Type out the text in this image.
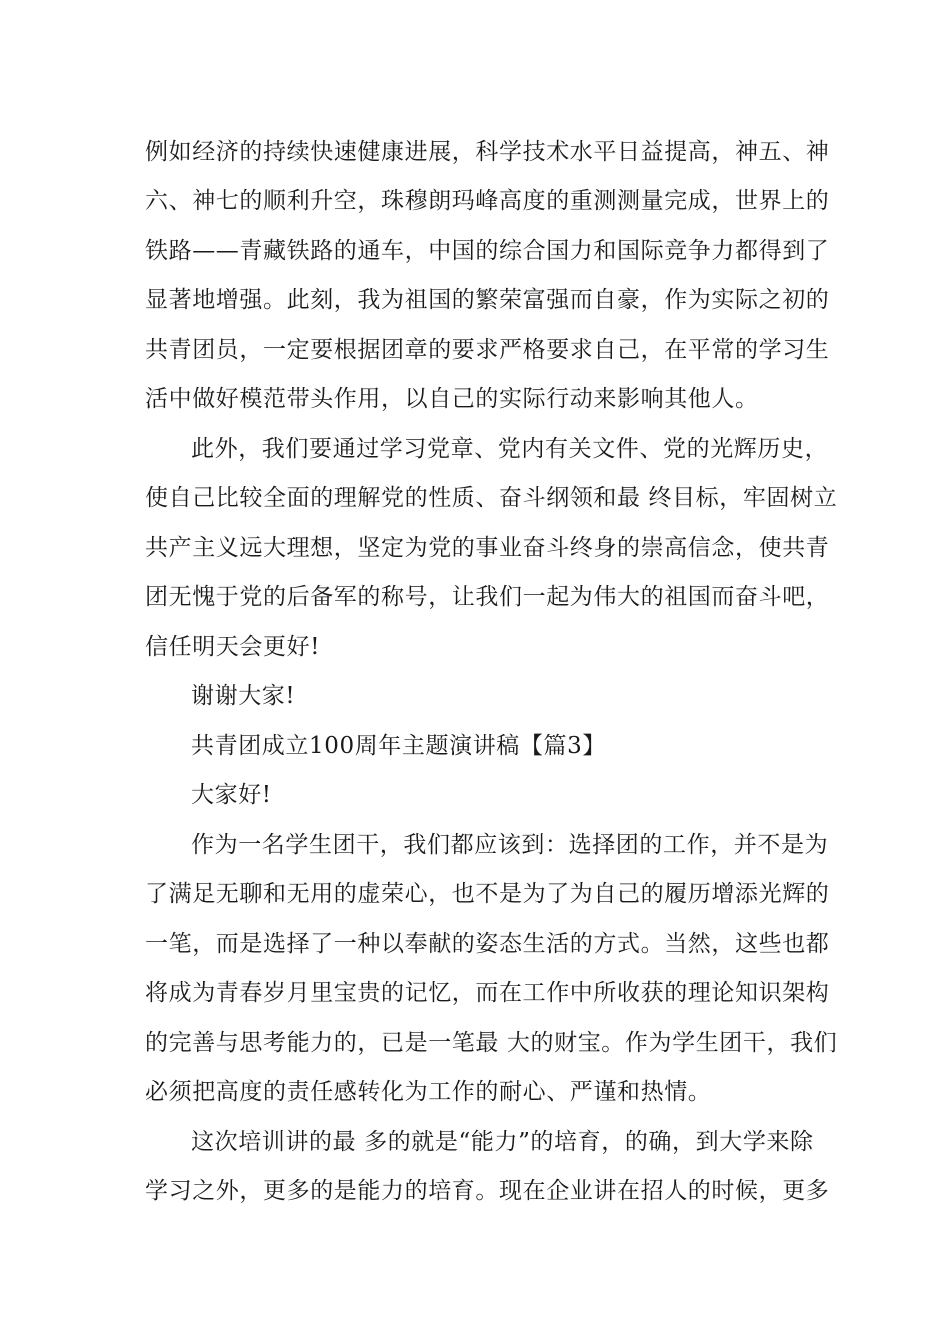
例如经济的持续快速健康进展，科学技术水平日益提高，神五、神
六、神七的顺利升空，珠穆朗玛峰高度的重测测量完成，世界上的
铁路——青藏铁路的通车，中国的综合国力和国际竞争力都得到了
显著地增强。此刻，我为祖国的繁荣富强而自豪，作为实际之初的
共青团员，一定要根据团章的要求严格要求自己，在平常的学习生
活中做好模范带头作用，以自己的实际行动来影响其他人。
此外，我们要通过学习党章、党内有关文件、党的光辉历史，
使自己比较全面的理解党的性质、奋斗纲领和最 终目标，牢固树立
共产主义远大理想，坚定为党的事业奋斗终身的崇高信念，使共青
团无愧于党的后备军的称号，让我们一起为伟大的祖国而奋斗吧，
信任明天会更好!
谢谢大家!
共青团成立100周年主题演讲稿【篇3】
大家好!
作为一名学生团干，我们都应该到：选择团的工作，并不是为
了满足无聊和无用的虚荣心，也不是为了为自己的履历增添光辉的
一笔，而是选择了一种以奉献的姿态生活的方式。当然，这些也都
将成为青春岁月里宝贵的记忆，而在工作中所收获的理论知识架构
的完善与思考能力的，已是一笔最 大的财宝。作为学生团干，我们
必须把高度的责任感转化为工作的耐心、严谨和热情。
这次培训讲的最 多的就是“能力”的培育，的确，到大学来除
学习之外，更多的是能力的培育。现在企业讲在招人的时候，更多
